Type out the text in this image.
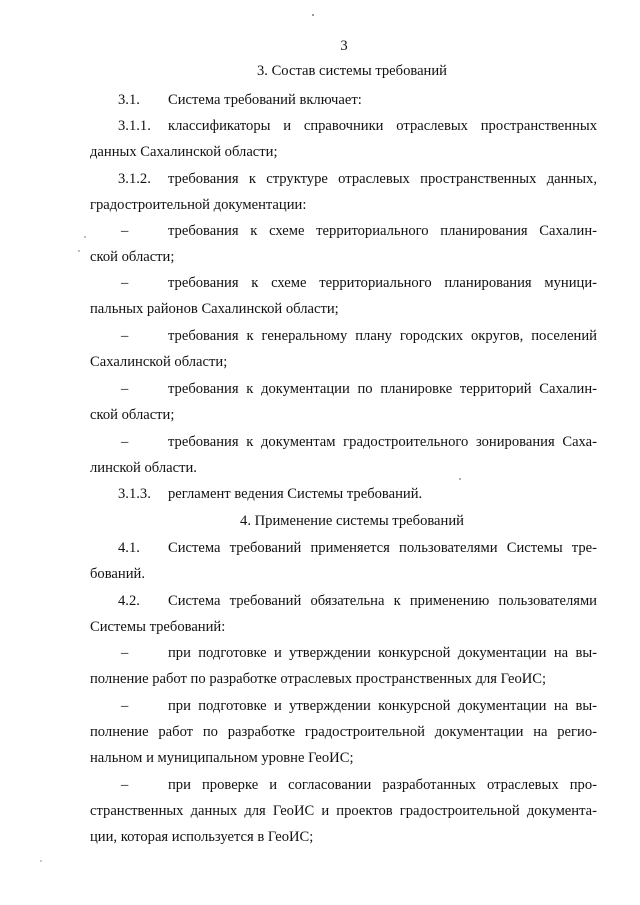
3
3. Состав системы требований
3.1. Система требований включает:
3.1.1. классификаторы и справочники отраслевых пространственных
данных Сахалинской области;
3.1.2. требования к структуре отраслевых пространственных данных,
градостроительной документации:
–	требования к схеме территориального планирования Сахалин-
ской области;
–	требования к схеме территориального планирования муници-
пальных районов Сахалинской области;
–	требования к генеральному плану городских округов, поселений
Сахалинской области;
–	требования к документации по планировке территорий Сахалин-
ской области;
–	требования к документам градостроительного зонирования Саха-
линской области.
3.1.3. регламент ведения Системы требований.
4. Применение системы требований
4.1. Система требований применяется пользователями Системы тре-
бований.
4.2. Система требований обязательна к применению пользователями
Системы требований:
–	при подготовке и утверждении конкурсной документации на вы-
полнение работ по разработке отраслевых пространственных для ГеоИС;
–	при подготовке и утверждении конкурсной документации на вы-
полнение работ по разработке градостроительной документации на регио-
нальном и муниципальном уровне ГеоИС;
–	при проверке и согласовании разработанных отраслевых про-
странственных данных для ГеоИС и проектов градостроительной документа-
ции, которая используется в ГеоИС;
